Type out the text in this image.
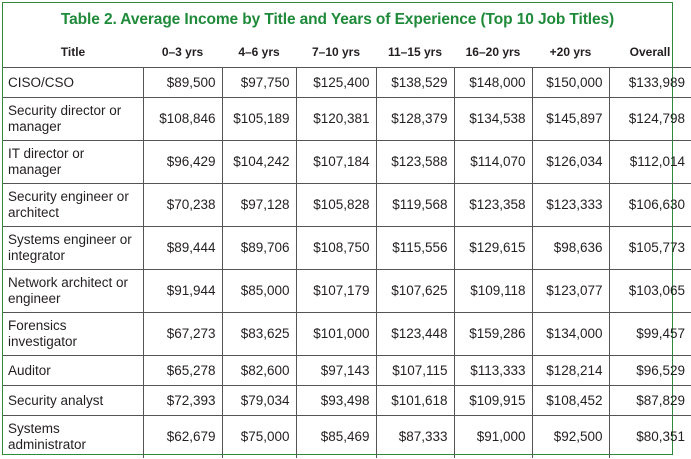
Table 2. Average Income by Title and Years of Experience (Top 10 Job Titles)
Title	0–3 yrs	4–6 yrs	7–10 yrs	11–15 yrs	16–20 yrs	+20 yrs	Overall
CISO/CSO	$89,500	$97,750	$125,400	$138,529	$148,000	$150,000	$133,989
Security director or manager	$108,846	$105,189	$120,381	$128,379	$134,538	$145,897	$124,798
IT director or manager	$96,429	$104,242	$107,184	$123,588	$114,070	$126,034	$112,014
Security engineer or architect	$70,238	$97,128	$105,828	$119,568	$123,358	$123,333	$106,630
Systems engineer or integrator	$89,444	$89,706	$108,750	$115,556	$129,615	$98,636	$105,773
Network architect or engineer	$91,944	$85,000	$107,179	$107,625	$109,118	$123,077	$103,065
Forensics investigator	$67,273	$83,625	$101,000	$123,448	$159,286	$134,000	$99,457
Auditor	$65,278	$82,600	$97,143	$107,115	$113,333	$128,214	$96,529
Security analyst	$72,393	$79,034	$93,498	$101,618	$109,915	$108,452	$87,829
Systems administrator	$62,679	$75,000	$85,469	$87,333	$91,000	$92,500	$80,351
